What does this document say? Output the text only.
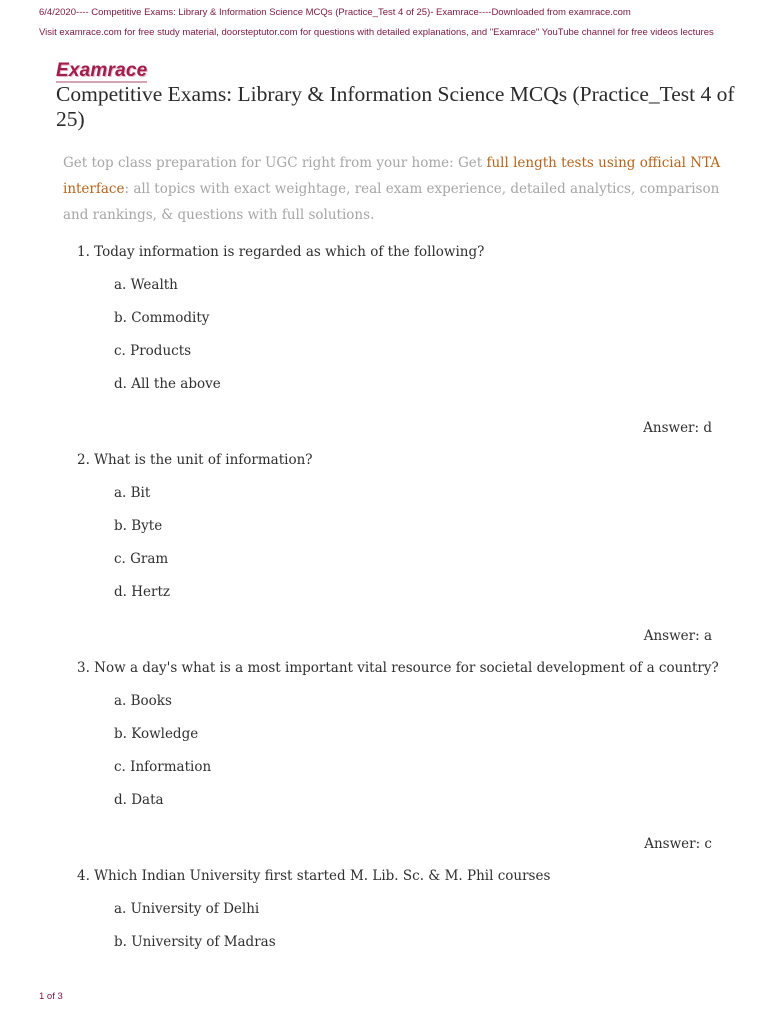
6/4/2020---- Competitive Exams: Library & Information Science MCQs (Practice_Test 4 of 25)- Examrace----Downloaded from examrace.com
Visit examrace.com for free study material, doorsteptutor.com for questions with detailed explanations, and "Examrace" YouTube channel for free videos lectures
Examrace
Competitive Exams: Library & Information Science MCQs (Practice_Test 4 of 25)

Get top class preparation for UGC right from your home: Get full length tests using official NTA interface: all topics with exact weightage, real exam experience, detailed analytics, comparison and rankings, & questions with full solutions.

1. Today information is regarded as which of the following?
a. Wealth
b. Commodity
c. Products
d. All the above
Answer: d
2. What is the unit of information?
a. Bit
b. Byte
c. Gram
d. Hertz
Answer: a
3. Now a day's what is a most important vital resource for societal development of a country?
a. Books
b. Kowledge
c. Information
d. Data
Answer: c
4. Which Indian University first started M. Lib. Sc. & M. Phil courses
a. University of Delhi
b. University of Madras
1 of 3
